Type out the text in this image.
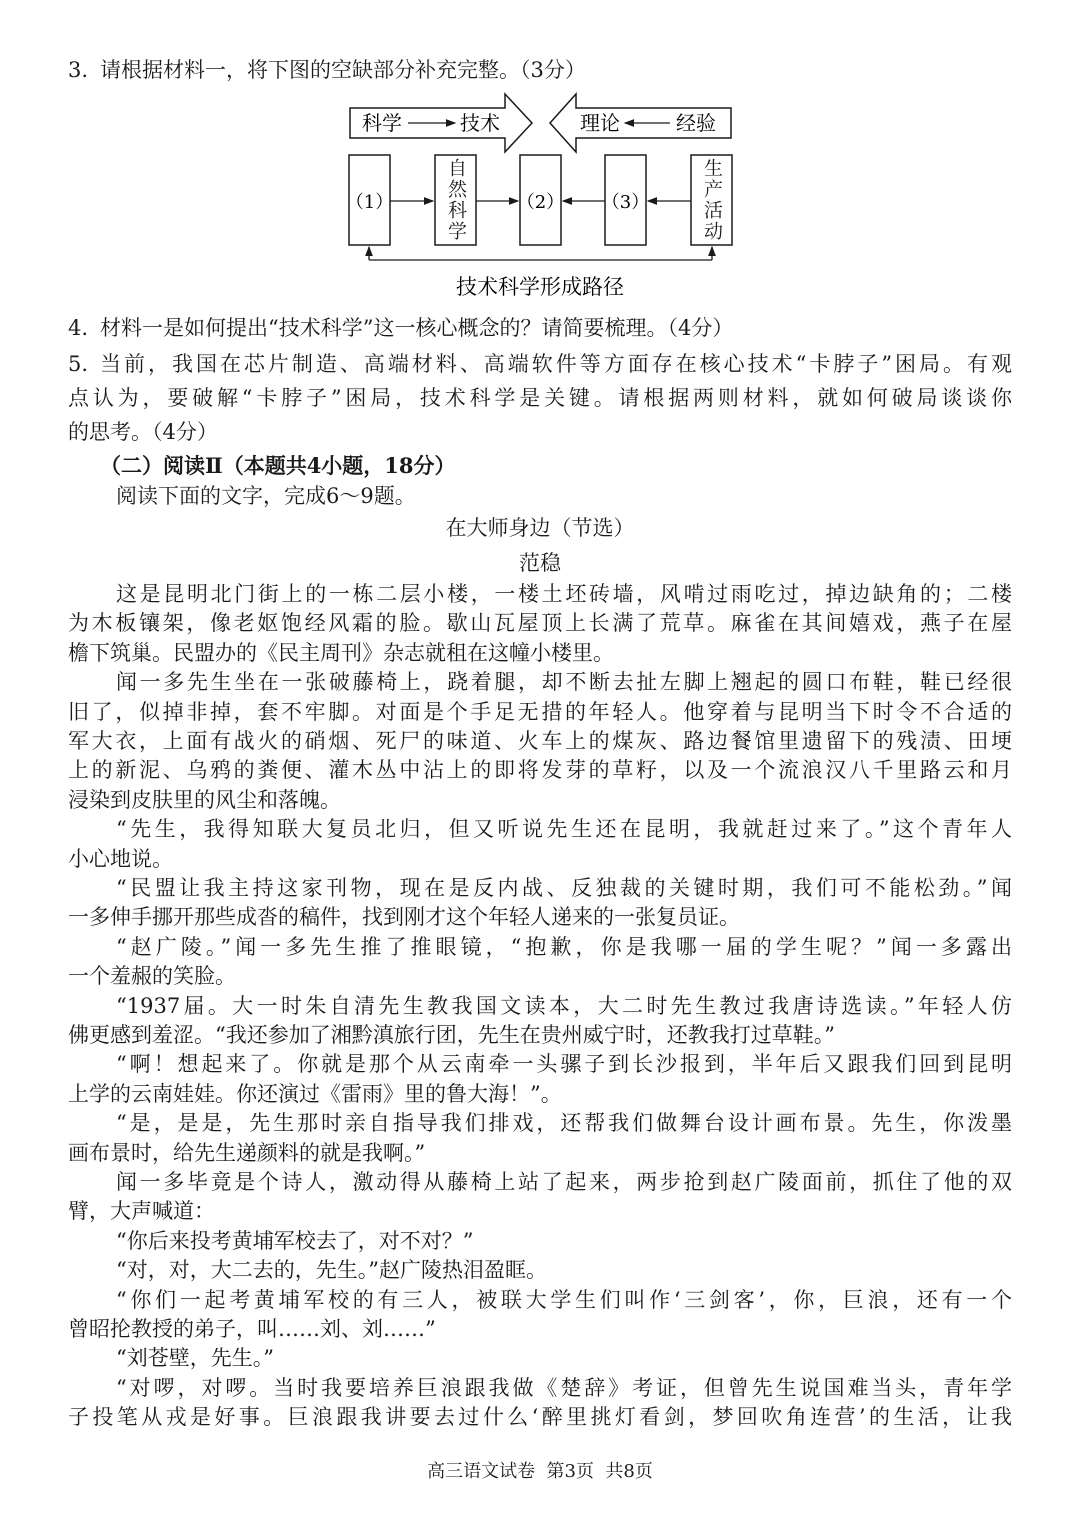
3. 请根据材料一，将下图的空缺部分补充完整。（3分）
4. 材料一是如何提出“技术科学”这一核心概念的？请简要梳理。（4分）
5. 当前，我国在芯片制造、高端材料、高端软件等方面存在核心技术“卡脖子”困局。有观
点认为，要破解“卡脖子”困局，技术科学是关键。请根据两则材料，就如何破局谈谈你
的思考。（4分）
科学	技术	理论	经验
（1）	（2） （3）
技术科学形成路径
自然科学	生产活动
（二）阅读Ⅱ（本题共4小题，18分）
阅读下面的文字，完成6～9题。
在大师身边（节选）
范稳
这是昆明北门街上的一栋二层小楼，一楼土坯砖墙，风啃过雨吃过，掉边缺角的；二楼
为木板镶架，像老妪饱经风霜的脸。歇山瓦屋顶上长满了荒草。麻雀在其间嬉戏，燕子在屋
檐下筑巢。民盟办的《民主周刊》杂志就租在这幢小楼里。
闻一多先生坐在一张破藤椅上，跷着腿，却不断去扯左脚上翘起的圆口布鞋，鞋已经很
旧了，似掉非掉，套不牢脚。对面是个手足无措的年轻人。他穿着与昆明当下时令不合适的
军大衣，上面有战火的硝烟、死尸的味道、火车上的煤灰、路边餐馆里遗留下的残渍、田埂
上的新泥、乌鸦的粪便、灌木丛中沾上的即将发芽的草籽，以及一个流浪汉八千里路云和月
浸染到皮肤里的风尘和落魄。
“先生，我得知联大复员北归，但又听说先生还在昆明，我就赶过来了。”这个青年人
小心地说。
“民盟让我主持这家刊物，现在是反内战、反独裁的关键时期，我们可不能松劲。”闻
一多伸手挪开那些成沓的稿件，找到刚才这个年轻人递来的一张复员证。
“赵广陵。”闻一多先生推了推眼镜，“抱歉，你是我哪一届的学生呢？”闻一多露出
一个羞赧的笑脸。
“1937届。大一时朱自清先生教我国文读本，大二时先生教过我唐诗选读。”年轻人仿
佛更感到羞涩。“我还参加了湘黔滇旅行团，先生在贵州威宁时，还教我打过草鞋。”
“啊！想起来了。你就是那个从云南牵一头骡子到长沙报到，半年后又跟我们回到昆明
上学的云南娃娃。你还演过《雷雨》里的鲁大海！”。
“是，是是，先生那时亲自指导我们排戏，还帮我们做舞台设计画布景。先生，你泼墨
画布景时，给先生递颜料的就是我啊。”
闻一多毕竟是个诗人，激动得从藤椅上站了起来，两步抢到赵广陵面前，抓住了他的双
臂，大声喊道：
“你后来投考黄埔军校去了，对不对？”
“对，对，大二去的，先生。”赵广陵热泪盈眶。
“你们一起考黄埔军校的有三人，被联大学生们叫作‘三剑客’，你，巨浪，还有一个
曾昭抡教授的弟子，叫……刘、刘……”
“刘苍壁，先生。”
“对啰，对啰。当时我要培养巨浪跟我做《楚辞》考证，但曾先生说国难当头，青年学
子投笔从戎是好事。巨浪跟我讲要去过什么‘醉里挑灯看剑，梦回吹角连营’的生活，让我
高三语文试卷  第3页  共8页
